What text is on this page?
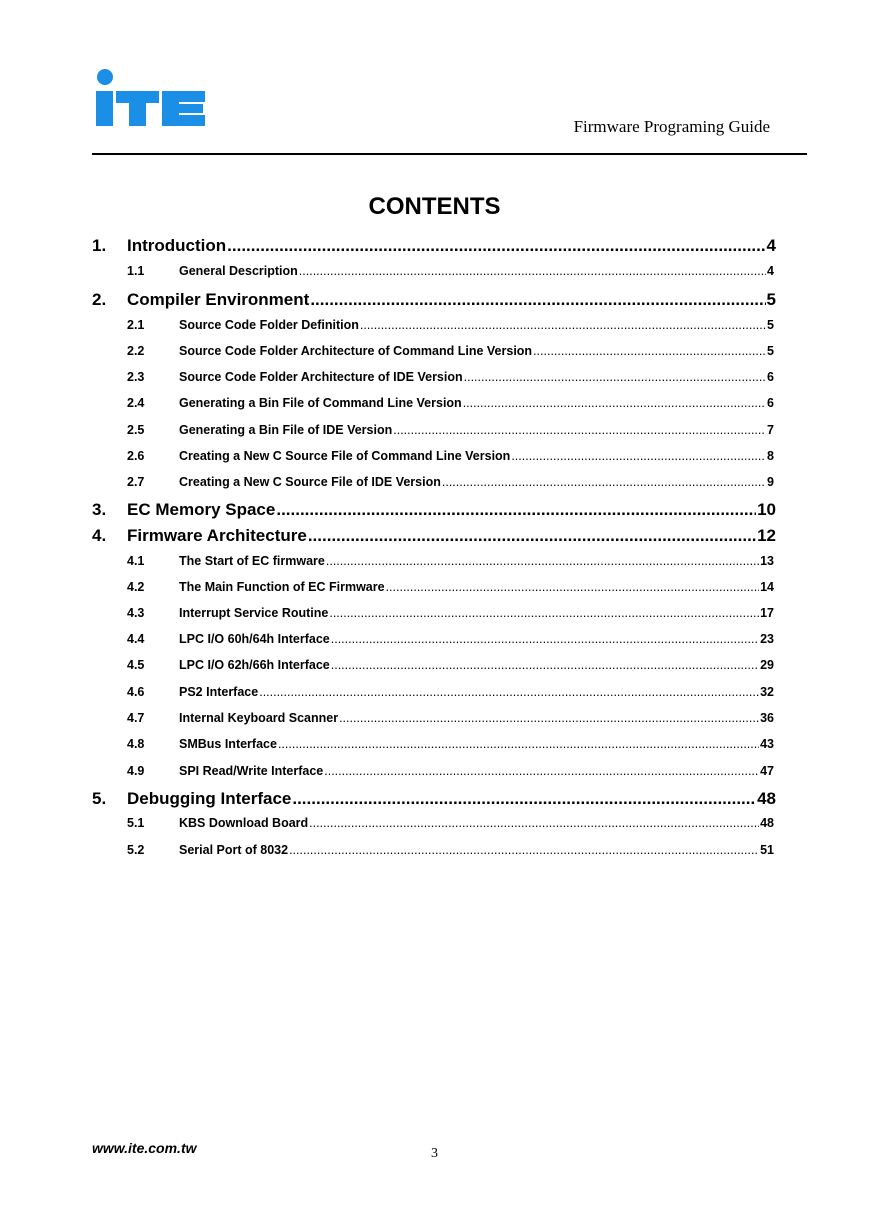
Firmware Programing Guide
CONTENTS
1.	Introduction .....	4
1.1	General Description .....	4
2.	Compiler Environment .....	5
2.1	Source Code Folder Definition .....	5
2.2	Source Code Folder Architecture of Command Line Version .....	5
2.3	Source Code Folder Architecture of IDE Version .....	6
2.4	Generating a Bin File of Command Line Version .....	6
2.5	Generating a Bin File of IDE Version .....	7
2.6	Creating a New C Source File of Command Line Version .....	8
2.7	Creating a New C Source File of IDE Version .....	9
3.	EC Memory Space .....	10
4.	Firmware Architecture .....	12
4.1	The Start of EC firmware .....	13
4.2	The Main Function of EC Firmware .....	14
4.3	Interrupt Service Routine .....	17
4.4	LPC I/O 60h/64h Interface .....	23
4.5	LPC I/O 62h/66h Interface .....	29
4.6	PS2 Interface .....	32
4.7	Internal Keyboard Scanner .....	36
4.8	SMBus Interface .....	43
4.9	SPI Read/Write Interface .....	47
5.	Debugging Interface .....	48
5.1	KBS Download Board .....	48
5.2	Serial Port of 8032 .....	51
www.ite.com.tw	3
